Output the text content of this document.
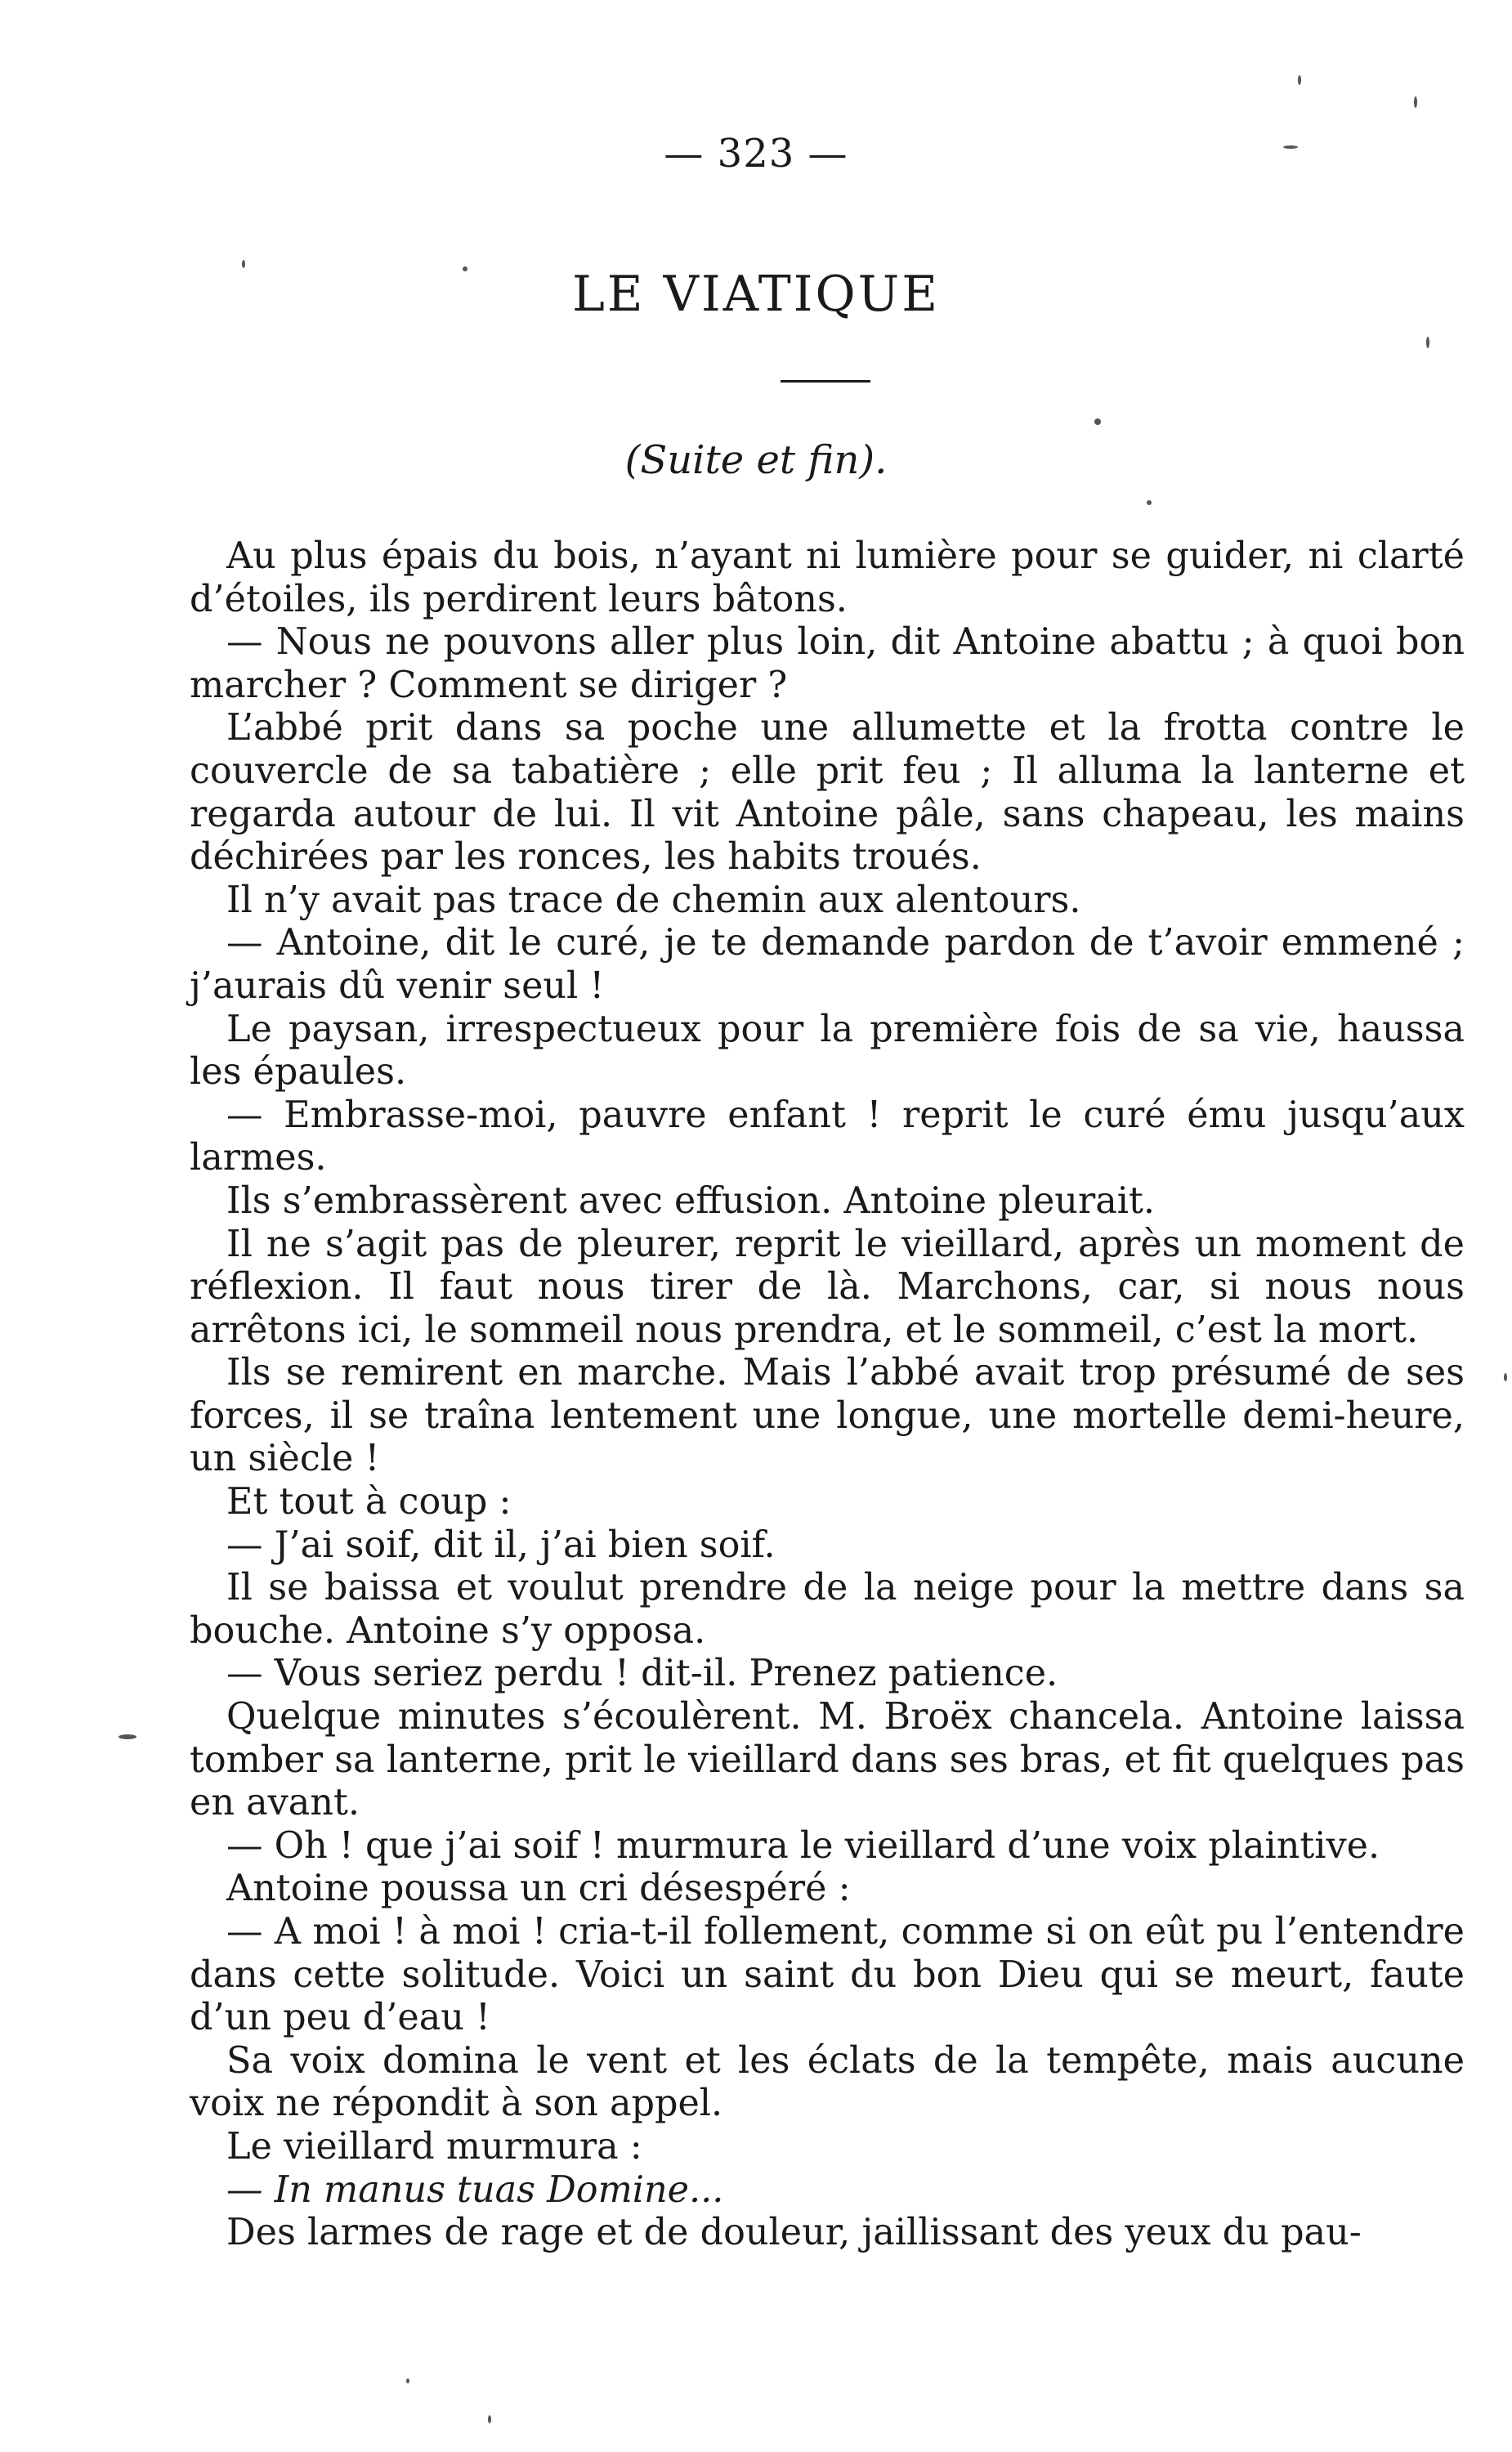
— 323 —
LE VIATIQUE
(Suite et fin).

Au plus épais du bois, n’ayant ni lumière pour se guider, ni clarté d’étoiles, ils perdirent leurs bâtons.

— Nous ne pouvons aller plus loin, dit Antoine abattu ; à quoi bon marcher ? Comment se diriger ?

L’abbé prit dans sa poche une allumette et la frotta contre le couvercle de sa tabatière ; elle prit feu ; Il alluma la lanterne et regarda autour de lui. Il vit Antoine pâle, sans chapeau, les mains déchirées par les ronces, les habits troués.

Il n’y avait pas trace de chemin aux alentours.

— Antoine, dit le curé, je te demande pardon de t’avoir emmené ; j’aurais dû venir seul !

Le paysan, irrespectueux pour la première fois de sa vie, haussa les épaules.

— Embrasse-moi, pauvre enfant ! reprit le curé ému jusqu’aux larmes.

Ils s’embrassèrent avec effusion. Antoine pleurait.

Il ne s’agit pas de pleurer, reprit le vieillard, après un moment de réflexion. Il faut nous tirer de là. Marchons, car, si nous nous arrêtons ici, le sommeil nous prendra, et le sommeil, c’est la mort.

Ils se remirent en marche. Mais l’abbé avait trop présumé de ses forces, il se traîna lentement une longue, une mortelle demi-heure, un siècle !

Et tout à coup :

— J’ai soif, dit il, j’ai bien soif.

Il se baissa et voulut prendre de la neige pour la mettre dans sa bouche. Antoine s’y opposa.

— Vous seriez perdu ! dit-il. Prenez patience.

Quelque minutes s’écoulèrent. M. Broëx chancela. Antoine laissa tomber sa lanterne, prit le vieillard dans ses bras, et fit quelques pas en avant.

— Oh ! que j’ai soif ! murmura le vieillard d’une voix plaintive.

Antoine poussa un cri désespéré :

— A moi ! à moi ! cria-t-il follement, comme si on eût pu l’entendre dans cette solitude. Voici un saint du bon Dieu qui se meurt, faute d’un peu d’eau !

Sa voix domina le vent et les éclats de la tempête, mais aucune voix ne répondit à son appel.

Le vieillard murmura :

— In manus tuas Domine...

Des larmes de rage et de douleur, jaillissant des yeux du pau-
